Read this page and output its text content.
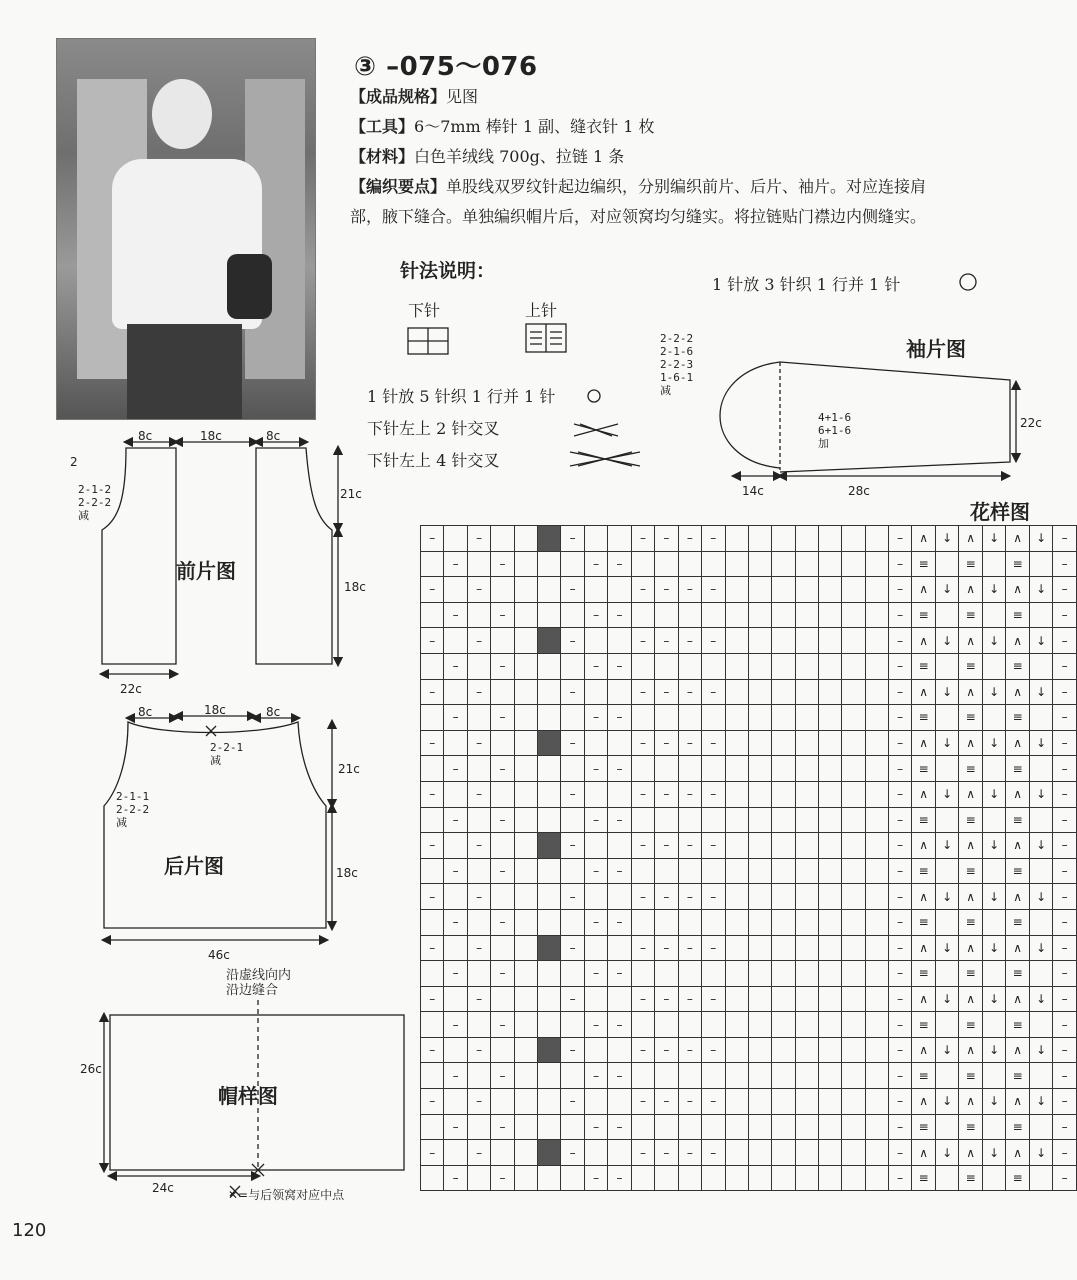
③ –075～076
【成品规格】见图
【工具】6～7mm 棒针 1 副、缝衣针 1 枚
【材料】白色羊绒线 700g、拉链 1 条
【编织要点】单股线双罗纹针起边编织，分别编织前片、后片、袖片。对应连接肩
部，腋下缝合。单独编织帽片后，对应领窝均匀缝实。将拉链贴门襟边内侧缝实。
针法说明：
下针	上针
1 针放 5 针织 1 行并 1 针
下针左上 2 针交叉
下针左上 4 针交叉
1 针放 3 针织 1 行并 1 针
袖片图
2-2-2
2-1-6
2-2-3
1-6-1
减
4+1-6
6+1-6
加
22c
14c	28c
前片图
8c	18c	8c
21c
18c
22c
2-1-2
2-2-2
减
2
后片图
8c	18c	8c
21c
18c
46c
2-2-1
减
2-1-1
2-2-2
减
帽样图
26c
24c
沿虚线向内
沿边缝合
✕=与后领窝对应中点
花样图
120
–		–				–			–	–	–	–								–	∧	↓	∧	↓	∧	↓	–
	–		–				–	–												–	≡		≡		≡		–
–		–				–			–	–	–	–								–	∧	↓	∧	↓	∧	↓	–
	–		–				–	–												–	≡		≡		≡		–
–		–				–			–	–	–	–								–	∧	↓	∧	↓	∧	↓	–
	–		–				–	–												–	≡		≡		≡		–
–		–				–			–	–	–	–								–	∧	↓	∧	↓	∧	↓	–
	–		–				–	–												–	≡		≡		≡		–
–		–				–			–	–	–	–								–	∧	↓	∧	↓	∧	↓	–
	–		–				–	–												–	≡		≡		≡		–
–		–				–			–	–	–	–								–	∧	↓	∧	↓	∧	↓	–
	–		–				–	–												–	≡		≡		≡		–
–		–				–			–	–	–	–								–	∧	↓	∧	↓	∧	↓	–
	–		–				–	–												–	≡		≡		≡		–
–		–				–			–	–	–	–								–	∧	↓	∧	↓	∧	↓	–
	–		–				–	–												–	≡		≡		≡		–
–		–				–			–	–	–	–								–	∧	↓	∧	↓	∧	↓	–
	–		–				–	–												–	≡		≡		≡		–
–		–				–			–	–	–	–								–	∧	↓	∧	↓	∧	↓	–
	–		–				–	–												–	≡		≡		≡		–
–		–				–			–	–	–	–								–	∧	↓	∧	↓	∧	↓	–
	–		–				–	–												–	≡		≡		≡		–
–		–				–			–	–	–	–								–	∧	↓	∧	↓	∧	↓	–
	–		–				–	–												–	≡		≡		≡		–
–		–				–			–	–	–	–								–	∧	↓	∧	↓	∧	↓	–
	–		–				–	–												–	≡		≡		≡		–
